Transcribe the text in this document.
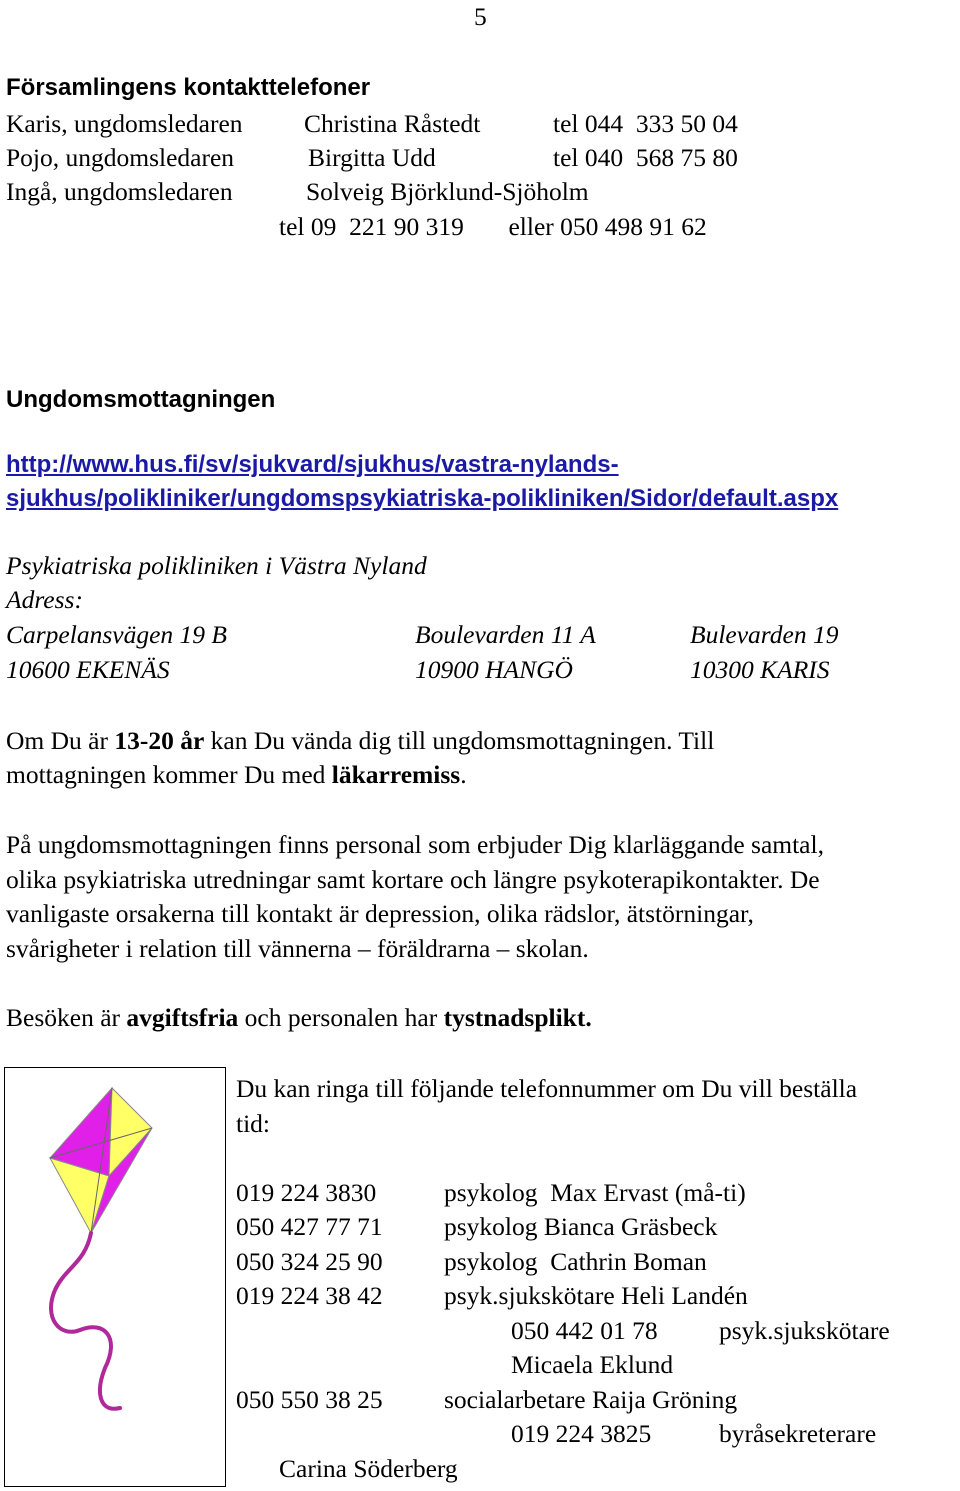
5
Församlingens kontakttelefoner
Karis, ungdomsledaren Christina Råstedt	tel 044  333 50 04
Pojo, ungdomsledaren	Birgitta Udd	tel 040  568 75 80
Ingå, ungdomsledaren	Solveig Björklund-Sjöholm
tel 09  221 90 319       eller 050 498 91 62
Ungdomsmottagningen
http://www.hus.fi/sv/sjukvard/sjukhus/vastra-nylands-
sjukhus/polikliniker/ungdomspsykiatriska-polikliniken/Sidor/default.aspx
Psykiatriska polikliniken i Västra Nyland
Adress:
Carpelansvägen 19 B	Boulevarden 11 A	Bulevarden 19
10600 EKENÄS	10900 HANGÖ	10300 KARIS
Om Du är 13-20 år kan Du vända dig till ungdomsmottagningen. Till
mottagningen kommer Du med läkarremiss.
På ungdomsmottagningen finns personal som erbjuder Dig klarläggande samtal,
olika psykiatriska utredningar samt kortare och längre psykoterapikontakter. De
vanligaste orsakerna till kontakt är depression, olika rädslor, ätstörningar,
svårigheter i relation till vännerna – föräldrarna – skolan.
Besöken är avgiftsfria och personalen har tystnadsplikt.
Du kan ringa till följande telefonnummer om Du vill beställa
tid:
019 224 3830	psykolog  Max Ervast (må-ti)
050 427 77 71 psykolog Bianca Gräsbeck
050 324 25 90 psykolog  Cathrin Boman
019 224 38 42 psyk.sjukskötare Heli Landén
050 442 01 78 psyk.sjukskötare
Micaela Eklund
050 550 38 25 socialarbetare Raija Gröning
019 224 3825	byråsekreterare
Carina Söderberg
